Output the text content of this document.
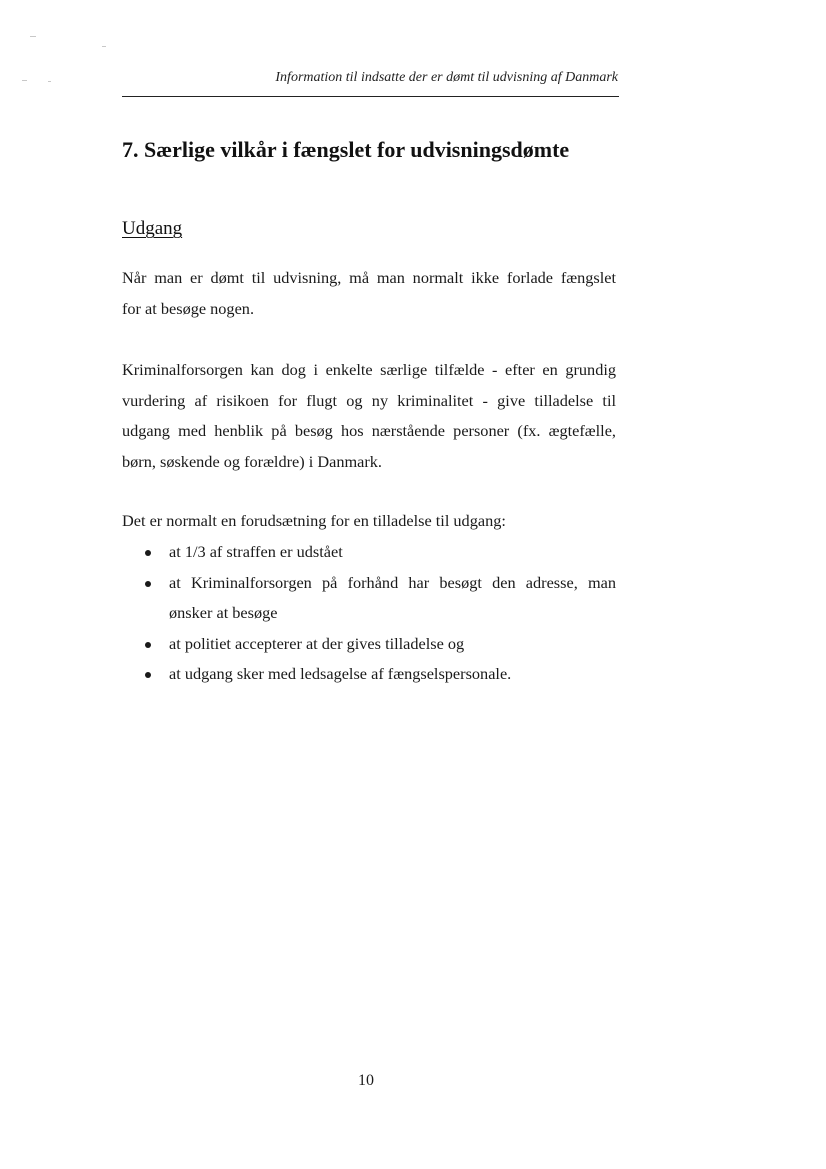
Information til indsatte der er dømt til udvisning af Danmark
7. Særlige vilkår i fængslet for udvisningsdømte
Udgang

Når man er dømt til udvisning, må man normalt ikke forlade fængslet
for at besøge nogen.

Kriminalforsorgen kan dog i enkelte særlige tilfælde - efter en grundig
vurdering af risikoen for flugt og ny kriminalitet - give tilladelse til
udgang med henblik på besøg hos nærstående personer (fx. ægtefælle,
børn, søskende og forældre) i Danmark.

Det er normalt en forudsætning for en tilladelse til udgang:

at 1/3 af straffen er udstået
at Kriminalforsorgen på forhånd har besøgt den adresse, man
ønsker at besøge
at politiet accepterer at der gives tilladelse og
at udgang sker med ledsagelse af fængselspersonale.
10
